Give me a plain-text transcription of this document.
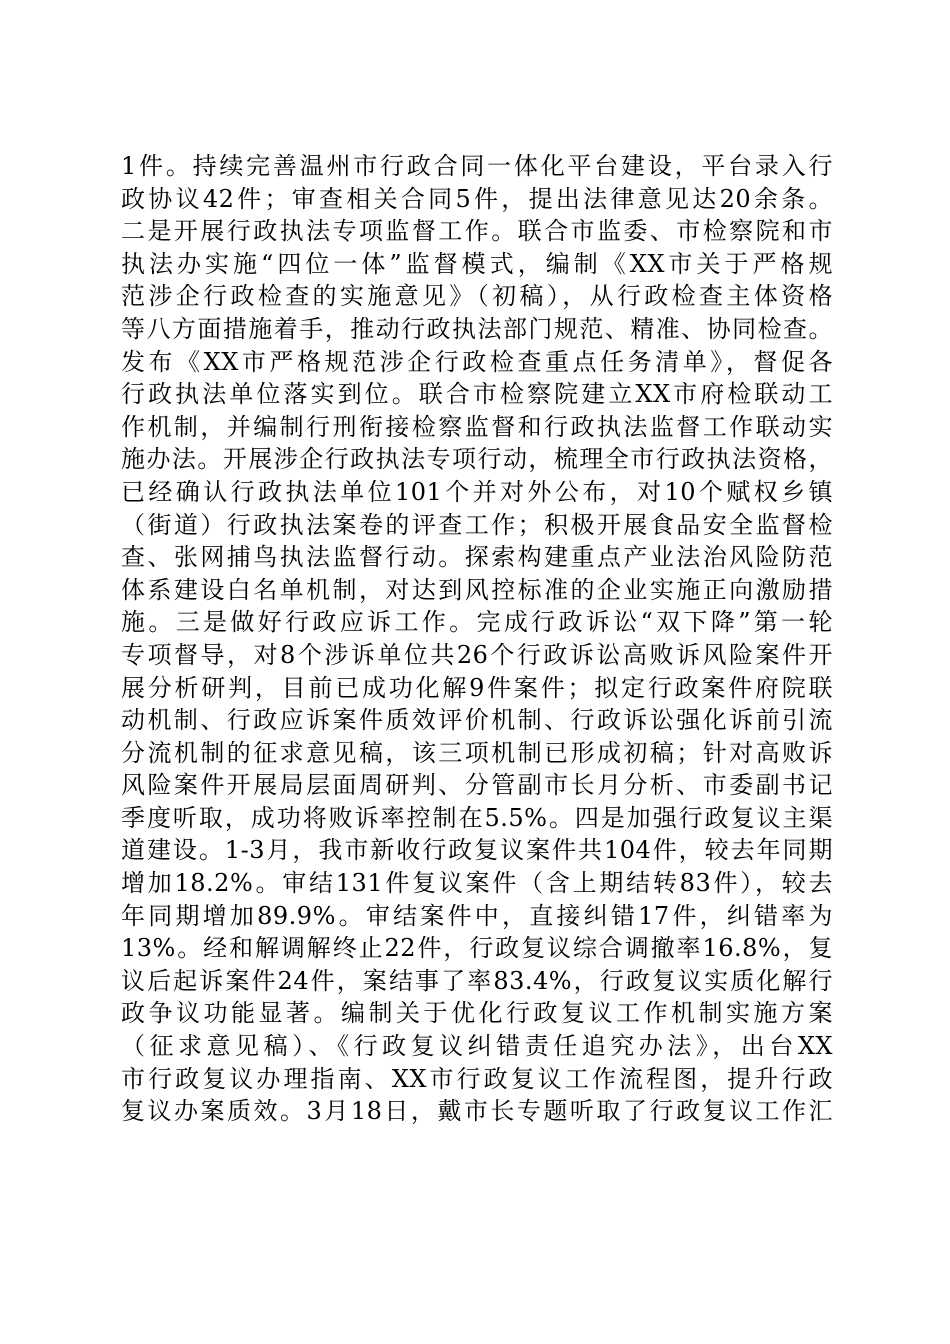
1件。持续完善温州市行政合同一体化平台建设，平台录入行
政协议42件；审查相关合同5件，提出法律意见达20余条。
二是开展行政执法专项监督工作。联合市监委、市检察院和市
执法办实施“四位一体”监督模式，编制《XX市关于严格规
范涉企行政检查的实施意见》（初稿），从行政检查主体资格
等八方面措施着手，推动行政执法部门规范、精准、协同检查。
发布《XX市严格规范涉企行政检查重点任务清单》，督促各
行政执法单位落实到位。联合市检察院建立XX市府检联动工
作机制，并编制行刑衔接检察监督和行政执法监督工作联动实
施办法。开展涉企行政执法专项行动，梳理全市行政执法资格，
已经确认行政执法单位101个并对外公布，对10个赋权乡镇
（街道）行政执法案卷的评查工作；积极开展食品安全监督检
查、张网捕鸟执法监督行动。探索构建重点产业法治风险防范
体系建设白名单机制，对达到风控标准的企业实施正向激励措
施。三是做好行政应诉工作。完成行政诉讼“双下降”第一轮
专项督导，对8个涉诉单位共26个行政诉讼高败诉风险案件开
展分析研判，目前已成功化解9件案件；拟定行政案件府院联
动机制、行政应诉案件质效评价机制、行政诉讼强化诉前引流
分流机制的征求意见稿，该三项机制已形成初稿；针对高败诉
风险案件开展局层面周研判、分管副市长月分析、市委副书记
季度听取，成功将败诉率控制在5.5%。四是加强行政复议主渠
道建设。1-3月，我市新收行政复议案件共104件，较去年同期
增加18.2%。审结131件复议案件（含上期结转83件），较去
年同期增加89.9%。审结案件中，直接纠错17件，纠错率为
13%。经和解调解终止22件，行政复议综合调撤率16.8%，复
议后起诉案件24件，案结事了率83.4%，行政复议实质化解行
政争议功能显著。编制关于优化行政复议工作机制实施方案
（征求意见稿）、《行政复议纠错责任追究办法》，出台XX
市行政复议办理指南、XX市行政复议工作流程图，提升行政
复议办案质效。3月18日，戴市长专题听取了行政复议工作汇
